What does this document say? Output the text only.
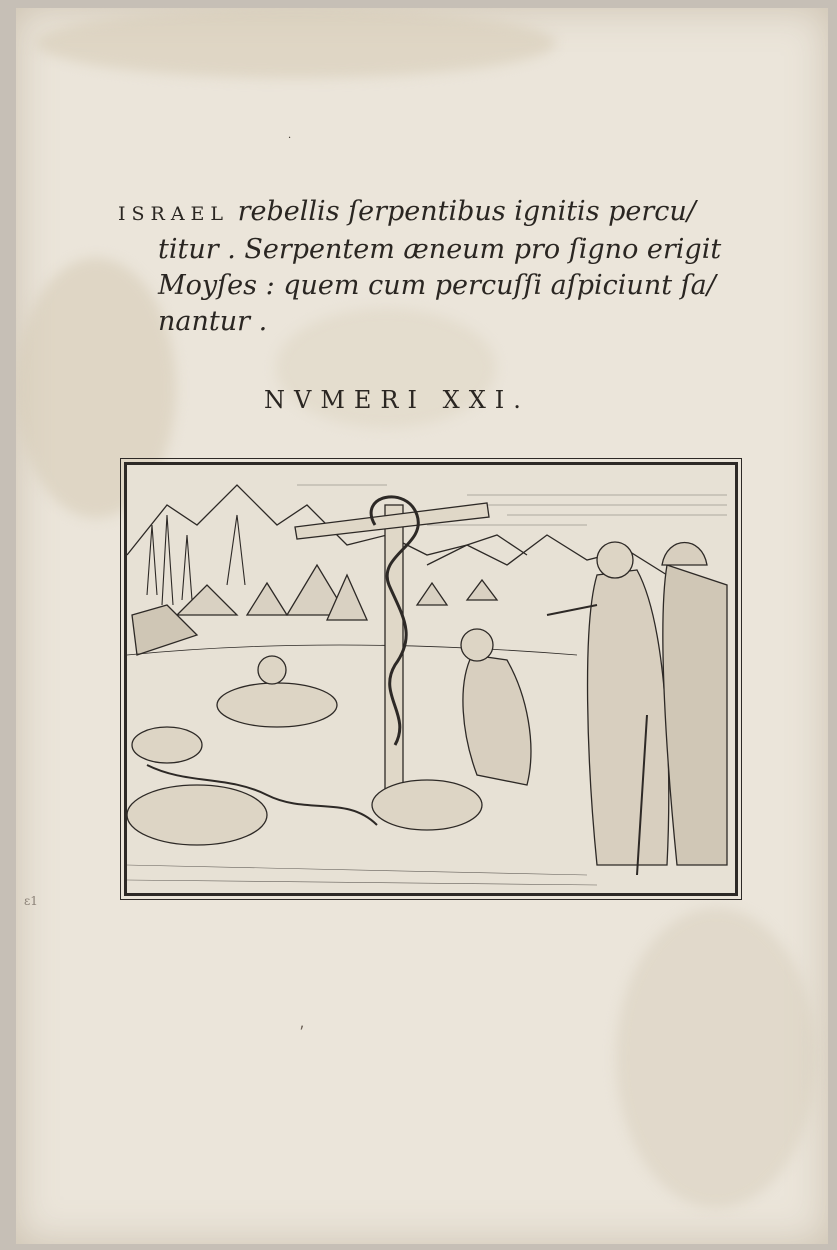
·
ɛ1
⸴
ISRAEL rebellis ſerpentibus ignitis percu/
titur . Serpentem æneum pro ſigno erigit
Moyſes : quem cum percuſſi aſpiciunt ſa/
nantur .
NVMERI XXI.
